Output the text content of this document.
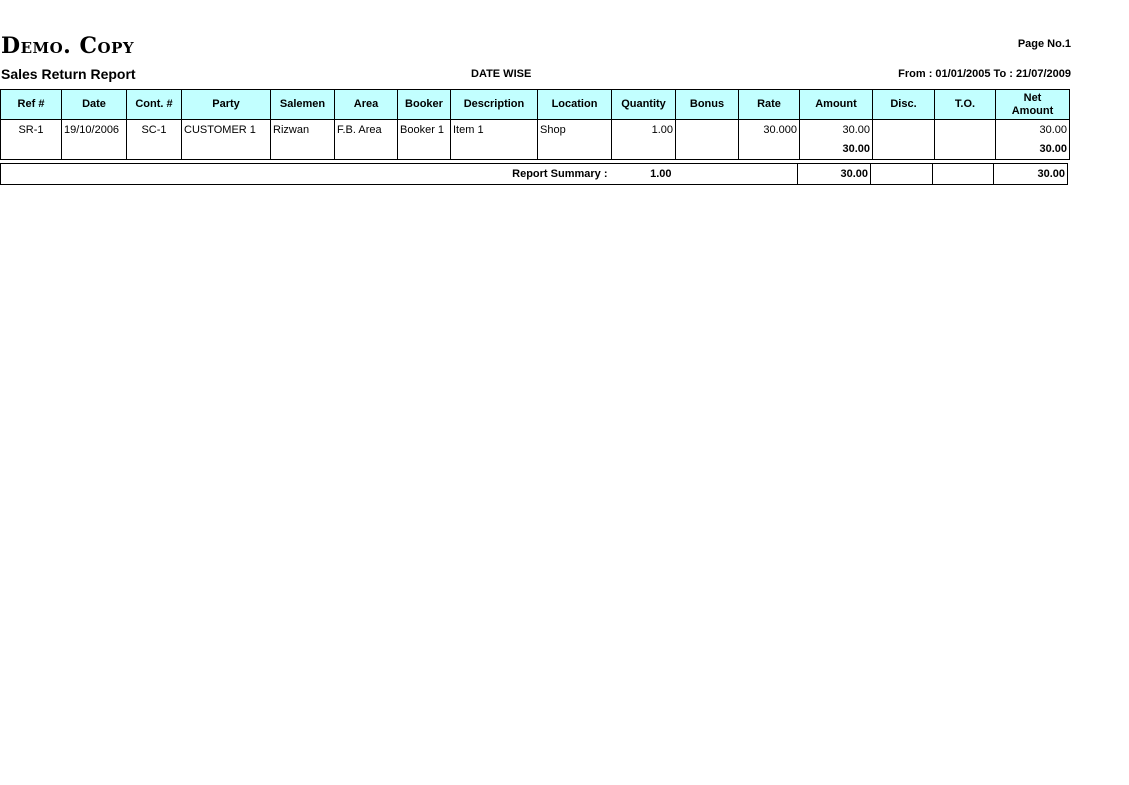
Demo. Copy
Sales Return Report	DATE WISE
Page No.1
From : 01/01/2005 To : 21/07/2009
Ref #	Date	Cont. #	Party	Salemen	Area	Booker	Description	Location	Quantity	Bonus	Rate	Amount	Disc.	T.O.	Net Amount
SR-1	19/10/2006	SC-1	CUSTOMER 1	Rizwan	F.B. Area	Booker 1	Item 1	Shop	1.00		30.000	30.00			30.00
												30.00			30.00
Report Summary :	1.00			30.00			30.00
